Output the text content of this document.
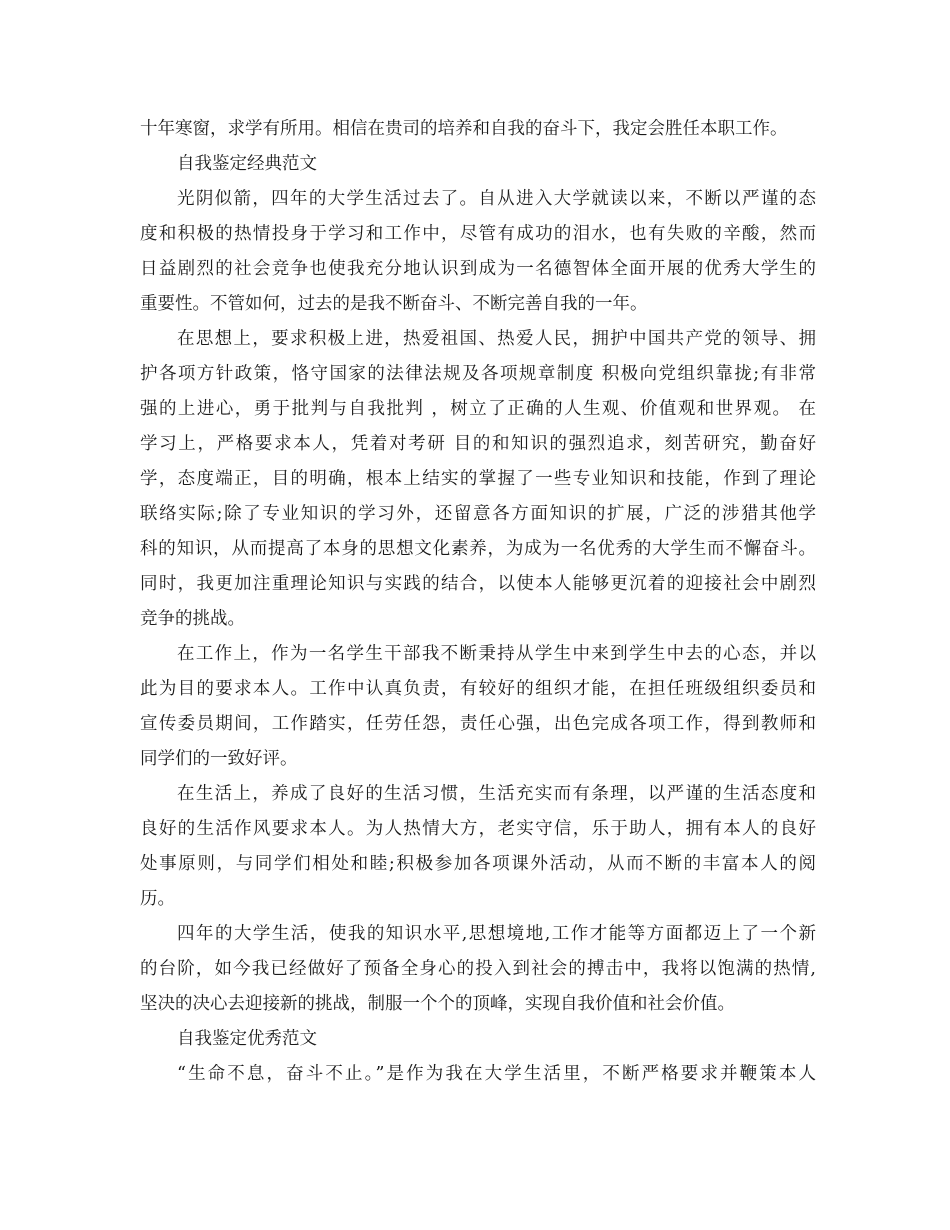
十年寒窗，求学有所用。相信在贵司的培养和自我的奋斗下，我定会胜任本职工作。
自我鉴定经典范文
光阴似箭，四年的大学生活过去了。自从进入大学就读以来，不断以严谨的态
度和积极的热情投身于学习和工作中，尽管有成功的泪水，也有失败的辛酸，然而
日益剧烈的社会竞争也使我充分地认识到成为一名德智体全面开展的优秀大学生的
重要性。不管如何，过去的是我不断奋斗、不断完善自我的一年。
在思想上，要求积极上进，热爱祖国、热爱人民，拥护中国共产党的领导、拥
护各项方针政策，恪守国家的法律法规及各项规章制度 积极向党组织靠拢;有非常
强的上进心，勇于批判与自我批判 ，树立了正确的人生观、价值观和世界观。 在
学习上，严格要求本人，凭着对考研 目的和知识的强烈追求，刻苦研究，勤奋好
学，态度端正，目的明确，根本上结实的掌握了一些专业知识和技能，作到了理论
联络实际;除了专业知识的学习外，还留意各方面知识的扩展，广泛的涉猎其他学
科的知识，从而提高了本身的思想文化素养，为成为一名优秀的大学生而不懈奋斗。
同时，我更加注重理论知识与实践的结合，以使本人能够更沉着的迎接社会中剧烈
竞争的挑战。
在工作上，作为一名学生干部我不断秉持从学生中来到学生中去的心态，并以
此为目的要求本人。工作中认真负责，有较好的组织才能，在担任班级组织委员和
宣传委员期间，工作踏实，任劳任怨，责任心强，出色完成各项工作，得到教师和
同学们的一致好评。
在生活上，养成了良好的生活习惯，生活充实而有条理，以严谨的生活态度和
良好的生活作风要求本人。为人热情大方，老实守信，乐于助人，拥有本人的良好
处事原则，与同学们相处和睦;积极参加各项课外活动，从而不断的丰富本人的阅
历。
四年的大学生活，使我的知识水平,思想境地,工作才能等方面都迈上了一个新
的台阶，如今我已经做好了预备全身心的投入到社会的搏击中，我将以饱满的热情,
坚决的决心去迎接新的挑战，制服一个个的顶峰，实现自我价值和社会价值。
自我鉴定优秀范文
“生命不息，奋斗不止。”是作为我在大学生活里，不断严格要求并鞭策本人
